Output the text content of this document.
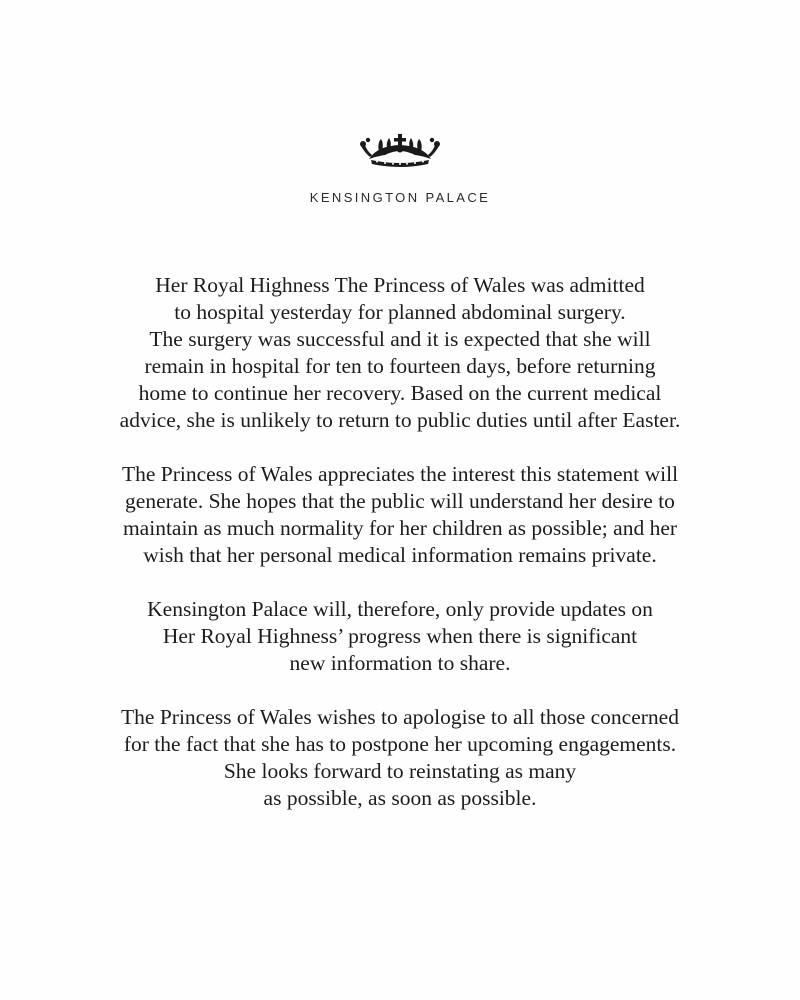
KENSINGTON PALACE

Her Royal Highness The Princess of Wales was admitted
to hospital yesterday for planned abdominal surgery.
The surgery was successful and it is expected that she will
remain in hospital for ten to fourteen days, before returning
home to continue her recovery. Based on the current medical
advice, she is unlikely to return to public duties until after Easter.

The Princess of Wales appreciates the interest this statement will
generate. She hopes that the public will understand her desire to
maintain as much normality for her children as possible; and her
wish that her personal medical information remains private.

Kensington Palace will, therefore, only provide updates on
Her Royal Highness’ progress when there is significant
new information to share.

The Princess of Wales wishes to apologise to all those concerned
for the fact that she has to postpone her upcoming engagements.
She looks forward to reinstating as many
as possible, as soon as possible.
